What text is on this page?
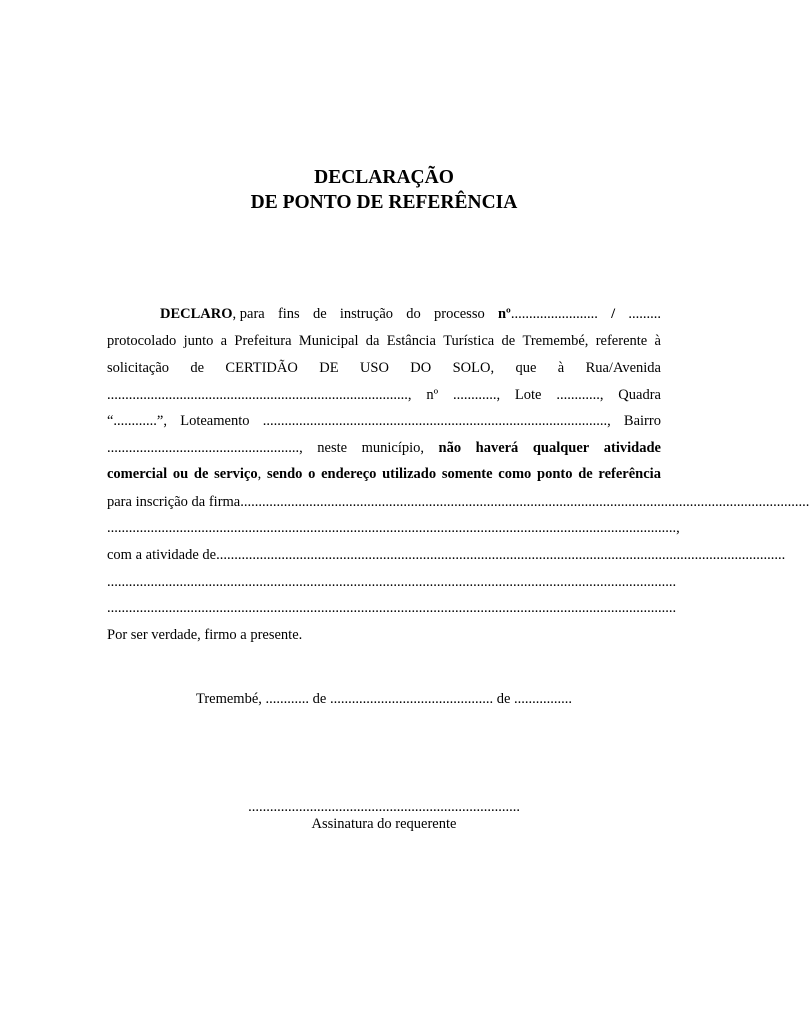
DECLARAÇÃO
DE PONTO DE REFERÊNCIA
DECLARO, para fins de instrução do processo nº........................ / .........
protocolado junto a Prefeitura Municipal da Estância Turística de Tremembé, referente à
solicitação de CERTIDÃO DE USO DO SOLO, que à Rua/Avenida
..................................................................................., nº ............, Lote ............, Quadra
“............”, Loteamento ..............................................................................................., Bairro
....................................................., neste município, não haverá qualquer atividade
comercial ou de serviço, sendo o endereço utilizado somente como ponto de referência
para inscrição da firma .............................................................................................................................................................
............................................................................................................................................................. ,
com a atividade de .............................................................................................................................................................
.............................................................................................................................................................
.............................................................................................................................................................
Por ser verdade, firmo a presente.
Tremembé, ............ de ............................................. de ................
...........................................................................
Assinatura do requerente
